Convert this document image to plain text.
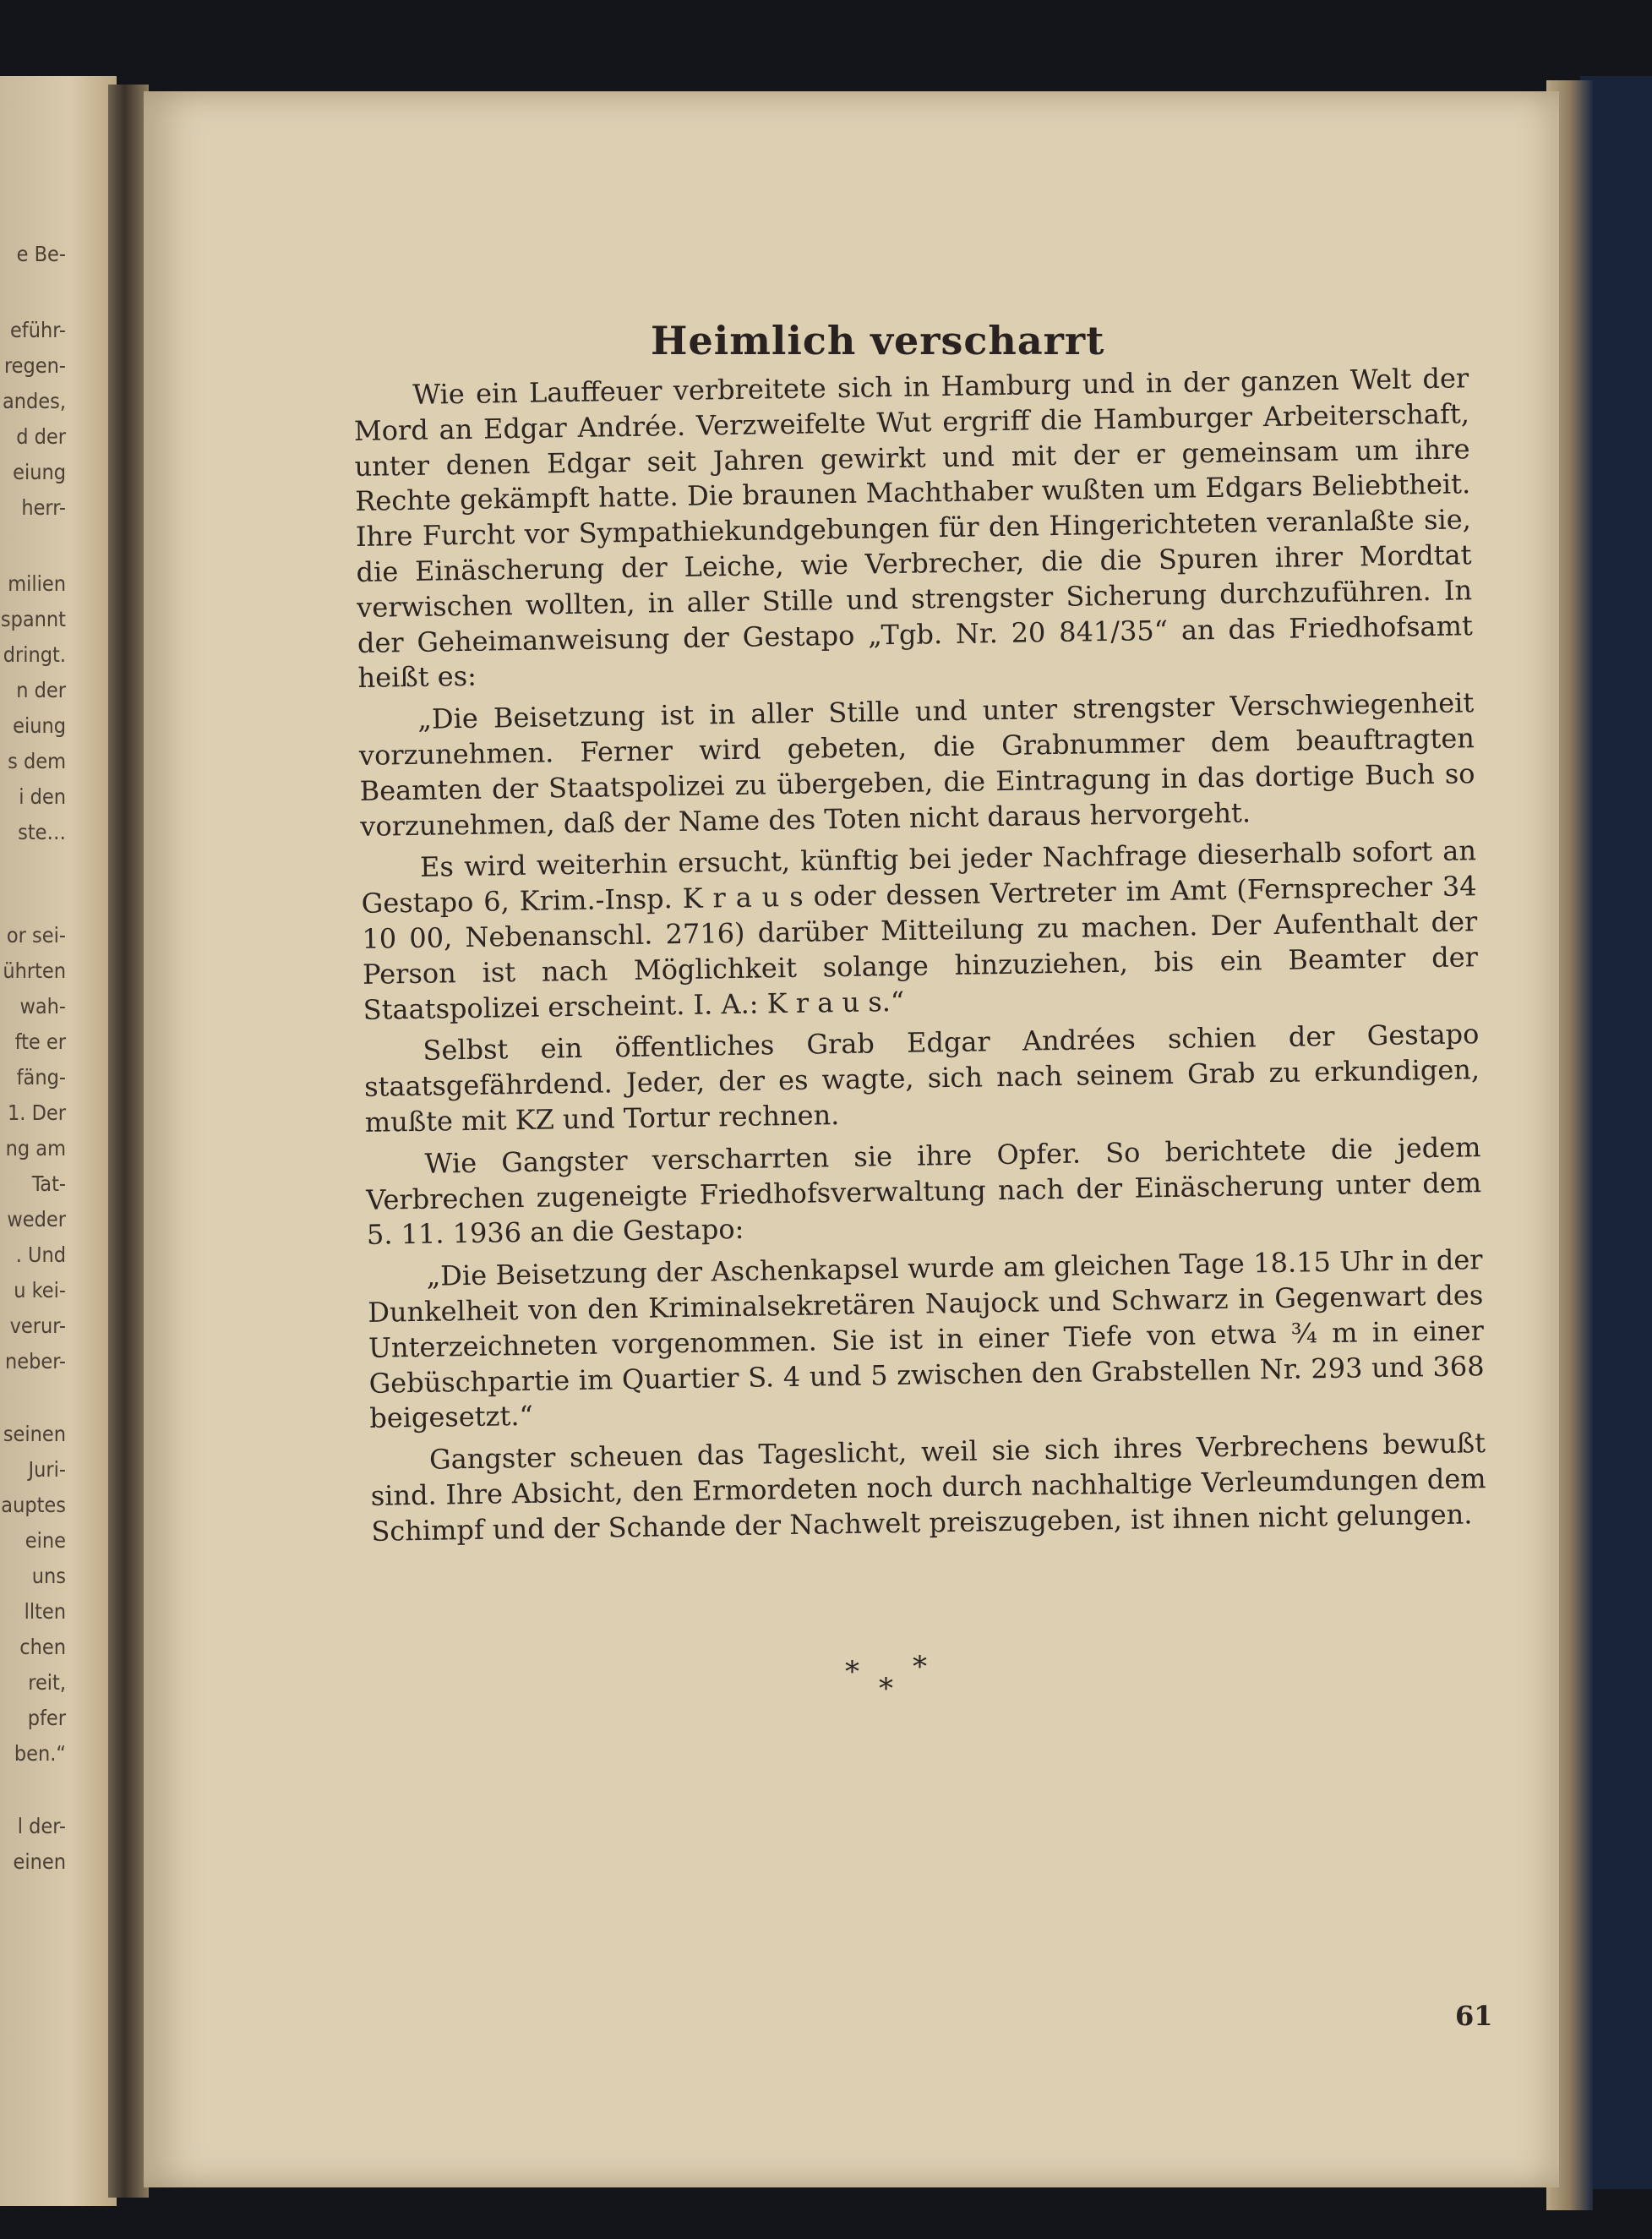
e Be-
eführ-
regen-
andes,
d der
eiung
herr-
milien
spannt
dringt.
n der
eiung
s dem
i den
ste…
or sei-
ührten
wah-
fte er
fäng-
1. Der
ng am
Tat-
weder
. Und
u kei-
verur-
neber-
seinen
Juri-
auptes
eine
uns
llten
chen
reit,
pfer
ben.“
l der-
einen
Heimlich verscharrt

Wie ein Lauffeuer verbreitete sich in Hamburg und in der ganzen Welt der Mord an Edgar Andrée. Verzweifelte Wut ergriff die Hamburger Arbeiterschaft, unter denen Edgar seit Jahren gewirkt und mit der er gemeinsam um ihre Rechte gekämpft hatte. Die braunen Machthaber wußten um Edgars Beliebtheit. Ihre Furcht vor Sympathiekundgebungen für den Hingerichteten veranlaßte sie, die Einäscherung der Leiche, wie Verbrecher, die die Spuren ihrer Mordtat verwischen wollten, in aller Stille und strengster Sicherung durchzuführen. In der Geheimanweisung der Gestapo „Tgb. Nr. 20 841/35“ an das Friedhofsamt heißt es:

„Die Beisetzung ist in aller Stille und unter strengster Verschwiegenheit vorzunehmen. Ferner wird gebeten, die Grabnummer dem beauftragten Beamten der Staatspolizei zu übergeben, die Eintragung in das dortige Buch so vorzunehmen, daß der Name des Toten nicht daraus hervorgeht.

Es wird weiterhin ersucht, künftig bei jeder Nachfrage dieserhalb sofort an Gestapo 6, Krim.-Insp. K r a u s oder dessen Vertreter im Amt (Fernsprecher 34 10 00, Nebenanschl. 2716) darüber Mitteilung zu machen. Der Aufenthalt der Person ist nach Möglichkeit solange hinzuziehen, bis ein Beamter der Staatspolizei erscheint. I. A.: K r a u s.“

Selbst ein öffentliches Grab Edgar Andrées schien der Gestapo staatsgefährdend. Jeder, der es wagte, sich nach seinem Grab zu erkundigen, mußte mit KZ und Tortur rechnen.

Wie Gangster verscharrten sie ihre Opfer. So berichtete die jedem Verbrechen zugeneigte Friedhofsverwaltung nach der Einäscherung unter dem 5. 11. 1936 an die Gestapo:

„Die Beisetzung der Aschenkapsel wurde am gleichen Tage 18.15 Uhr in der Dunkelheit von den Kriminalsekretären Naujock und Schwarz in Gegenwart des Unterzeichneten vorgenommen. Sie ist in einer Tiefe von etwa ¾ m in einer Gebüschpartie im Quartier S. 4 und 5 zwischen den Grabstellen Nr. 293 und 368 beigesetzt.“

Gangster scheuen das Tageslicht, weil sie sich ihres Verbrechens bewußt sind. Ihre Absicht, den Ermordeten noch durch nachhaltige Verleumdungen dem Schimpf und der Schande der Nachwelt preiszugeben, ist ihnen nicht gelungen.

* *
*
61
